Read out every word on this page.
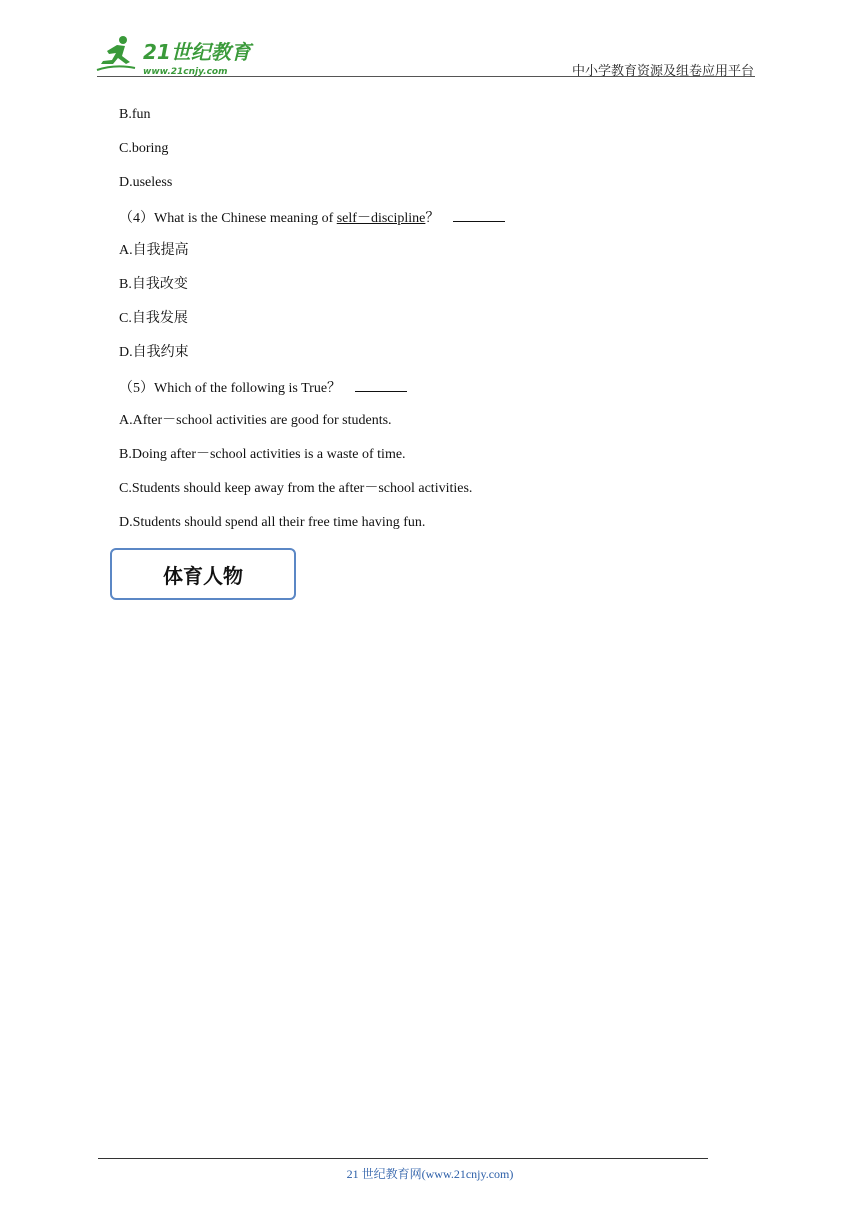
21世纪教育
www.21cnjy.com	中小学教育资源及组卷应用平台
B.fun
C.boring
D.useless
（4）What is the Chinese meaning of self－discipline？
A.自我提高
B.自我改变
C.自我发展
D.自我约束
（5）Which of the following is True？
A.After－school activities are good for students.
B.Doing after－school activities is a waste of time.
C.Students should keep away from the after－school activities.
D.Students should spend all their free time having fun.
体育人物
21 世纪教育网(www.21cnjy.com)
